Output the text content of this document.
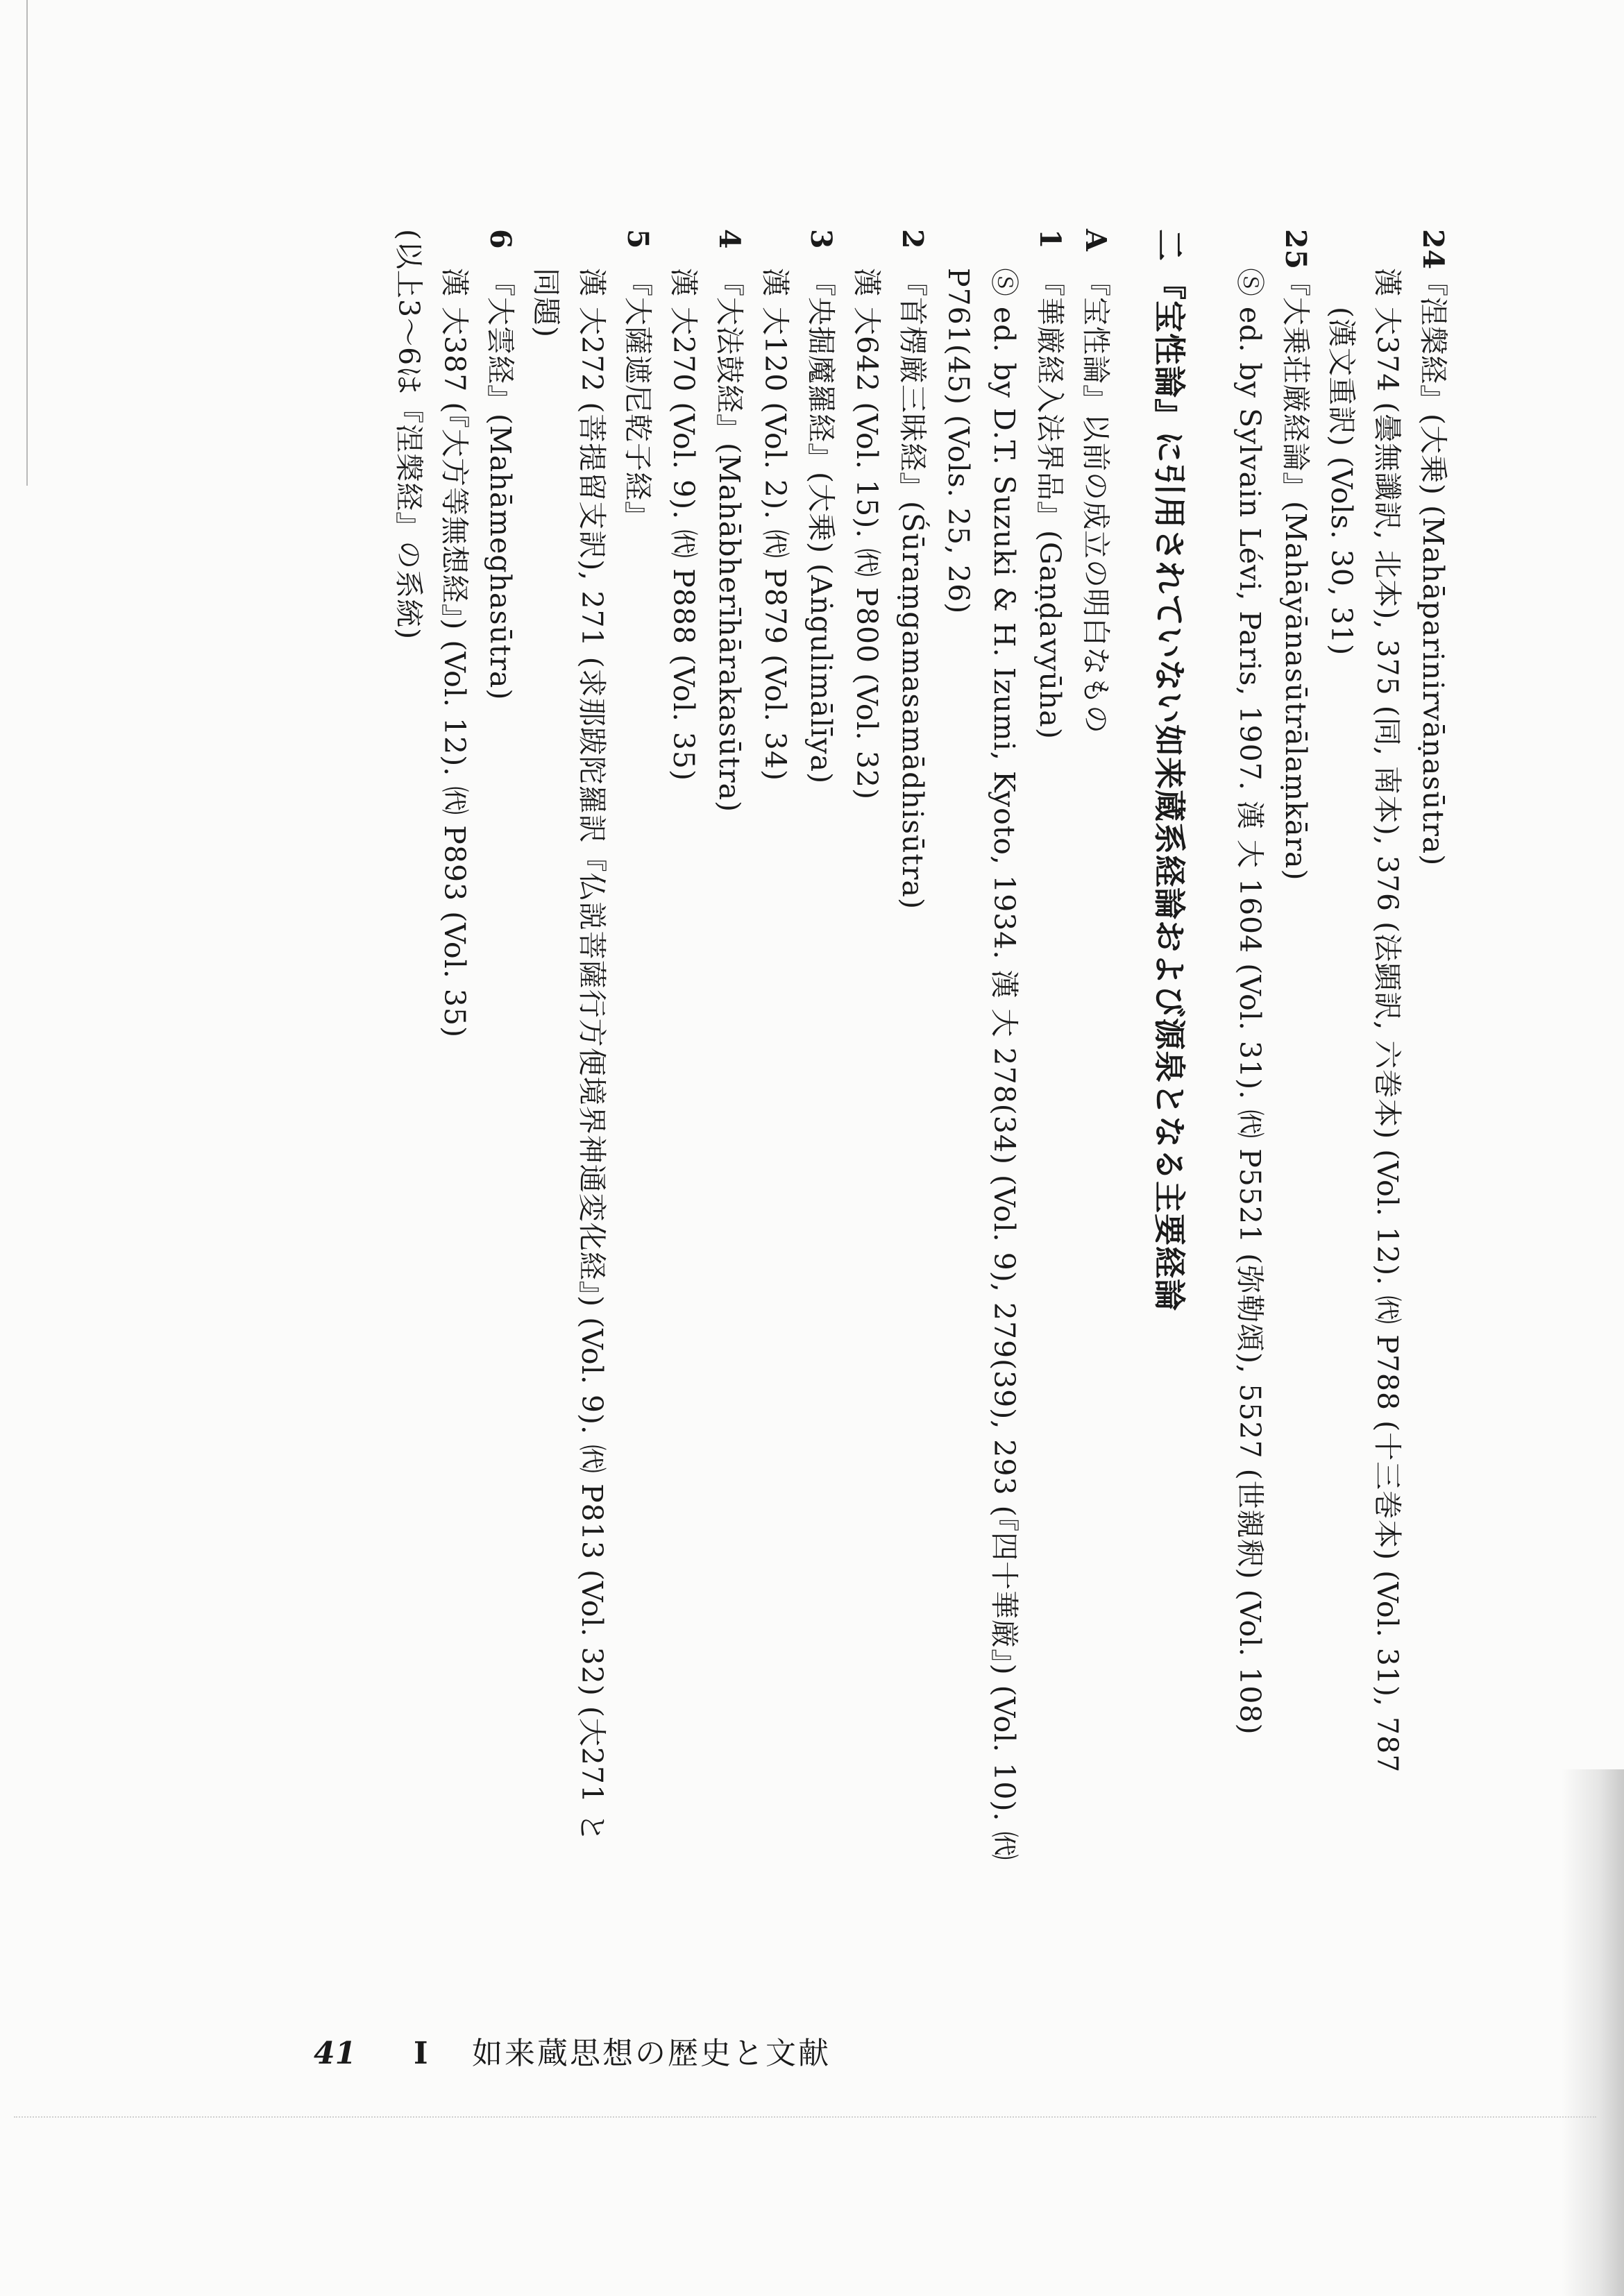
24『涅槃経』(大乗) (Mahāparinirvāṇasūtra)
漢 大374 (曇無讖訳, 北本), 375 (同, 南本), 376 (法顕訳, 六巻本) (Vol. 12). ㈹ P788 (十三巻本) (Vol. 31), 787
(漢文重訳) (Vols. 30, 31)
25『大乗荘厳経論』(Mahāyānasūtrālaṃkāra)
Ⓢ ed. by Sylvain Lévi, Paris, 1907. 漢 大 1604 (Vol. 31). ㈹ P5521 (弥勒頌), 5527 (世親釈) (Vol. 108)
二『宝性論』に引用されていない如来蔵系経論および源泉となる主要経論
A『宝性論』以前の成立の明白なもの
1『華厳経入法界品』(Gaṇḍavyūha)
Ⓢ ed. by D.T. Suzuki & H. Izumi, Kyoto, 1934. 漢 大 278(34) (Vol. 9), 279(39), 293 (『四十華厳』) (Vol. 10). ㈹
P761(45) (Vols. 25, 26)
2『首楞厳三昧経』(Śūraṃgamasamādhisūtra)
漢 大642 (Vol. 15). ㈹ P800 (Vol. 32)
3『央掘魔羅経』(大乗) (Aṅgulimālīya)
漢 大120 (Vol. 2). ㈹ P879 (Vol. 34)
4『大法鼓経』(Mahābherīhārakasūtra)
漢 大270 (Vol. 9). ㈹ P888 (Vol. 35)
5『大薩遮尼乾子経』
漢 大272 (菩提留支訳), 271 (求那跋陀羅訳『仏説菩薩行方便境界神通変化経』) (Vol. 9). ㈹ P813 (Vol. 32) (大271 と
同題)
6『大雲経』(Mahāmeghasūtra)
漢 大387 (『大方等無想経』) (Vol. 12). ㈹ P893 (Vol. 35)
(以上3〜6は『涅槃経』の系統)
41 I 如来蔵思想の歴史と文献
